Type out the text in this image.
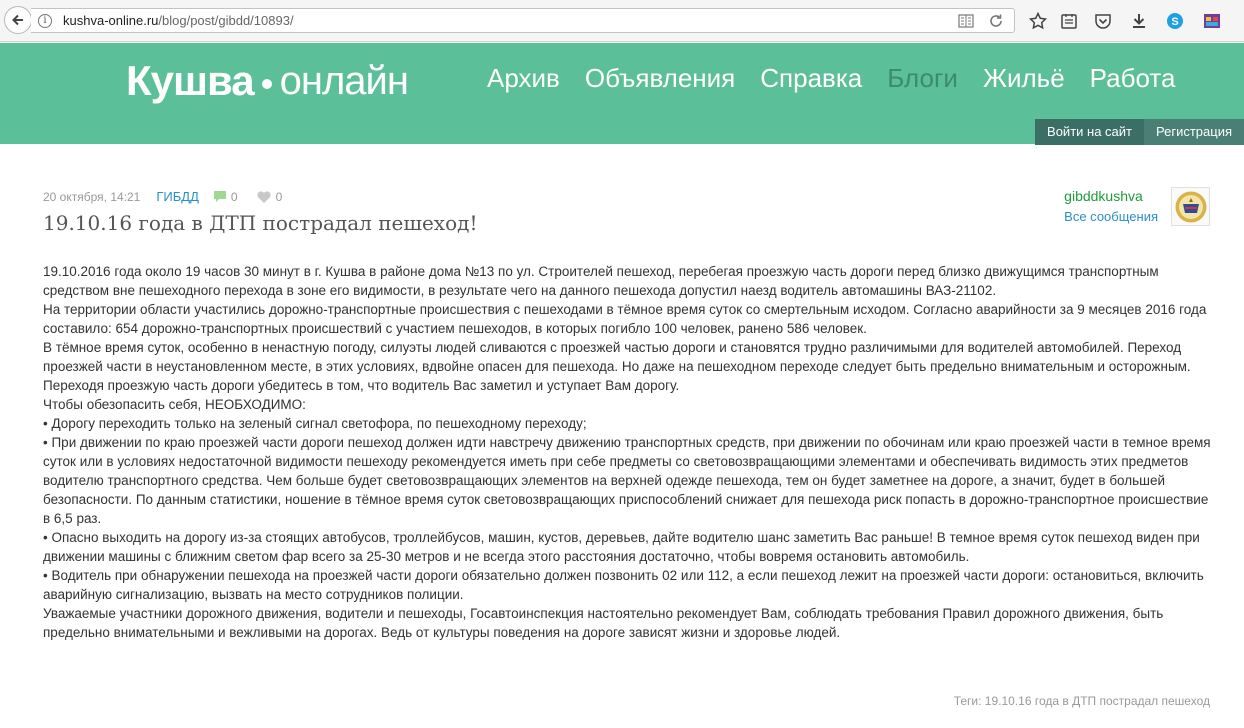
i	kushva-online.ru/blog/post/gibdd/10893/	S
Кушва онлайн	Архив Объявления Справка Блоги Жильё Работа
Войти на сайт	Регистрация
20 октября, 14:21 ГИБДД	0	0
19.10.16 года в ДТП пострадал пешеход!
gibddkushva
Все сообщения

19.10.2016 года около 19 часов 30 минут в г. Кушва в районе дома №13 по ул. Строителей пешеход, перебегая проезжую часть дороги перед близко движущимся транспортным средством вне пешеходного перехода в зоне его видимости, в результате чего на данного пешехода допустил наезд водитель автомашины ВАЗ-21102.

На территории области участились дорожно-транспортные происшествия с пешеходами в тёмное время суток со смертельным исходом. Согласно аварийности за 9 месяцев 2016 года составило: 654 дорожно-транспортных происшествий с участием пешеходов, в которых погибло 100 человек, ранено 586 человек.

В тёмное время суток, особенно в ненастную погоду, силуэты людей сливаются с проезжей частью дороги и становятся трудно различимыми для водителей автомобилей. Переход проезжей части в неустановленном месте, в этих условиях, вдвойне опасен для пешехода. Но даже на пешеходном переходе следует быть предельно внимательным и осторожным. Переходя проезжую часть дороги убедитесь в том, что водитель Вас заметил и уступает Вам дорогу.

Чтобы обезопасить себя, НЕОБХОДИМО:

• Дорогу переходить только на зеленый сигнал светофора, по пешеходному переходу;

• При движении по краю проезжей части дороги пешеход должен идти навстречу движению транспортных средств, при движении по обочинам или краю проезжей части в темное время суток или в условиях недостаточной видимости пешеходу рекомендуется иметь при себе предметы со световозвращающими элементами и обеспечивать видимость этих предметов водителю транспортного средства. Чем больше будет световозвращающих элементов на верхней одежде пешехода, тем он будет заметнее на дороге, а значит, будет в большей безопасности. По данным статистики, ношение в тёмное время суток световозвращающих приспособлений снижает для пешехода риск попасть в дорожно-транспортное происшествие в 6,5 раз.

• Опасно выходить на дорогу из-за стоящих автобусов, троллейбусов, машин, кустов, деревьев, дайте водителю шанс заметить Вас раньше! В темное время суток пешеход виден при движении машины с ближним светом фар всего за 25-30 метров и не всегда этого расстояния достаточно, чтобы вовремя остановить автомобиль.

• Водитель при обнаружении пешехода на проезжей части дороги обязательно должен позвонить 02 или 112, а если пешеход лежит на проезжей части дороги: остановиться, включить аварийную сигнализацию, вызвать на место сотрудников полиции.

Уважаемые участники дорожного движения, водители и пешеходы, Госавтоинспекция настоятельно рекомендует Вам, соблюдать требования Правил дорожного движения, быть предельно внимательными и вежливыми на дорогах. Ведь от культуры поведения на дороге зависят жизни и здоровье людей.

Теги: 19.10.16 года в ДТП пострадал пешеход
